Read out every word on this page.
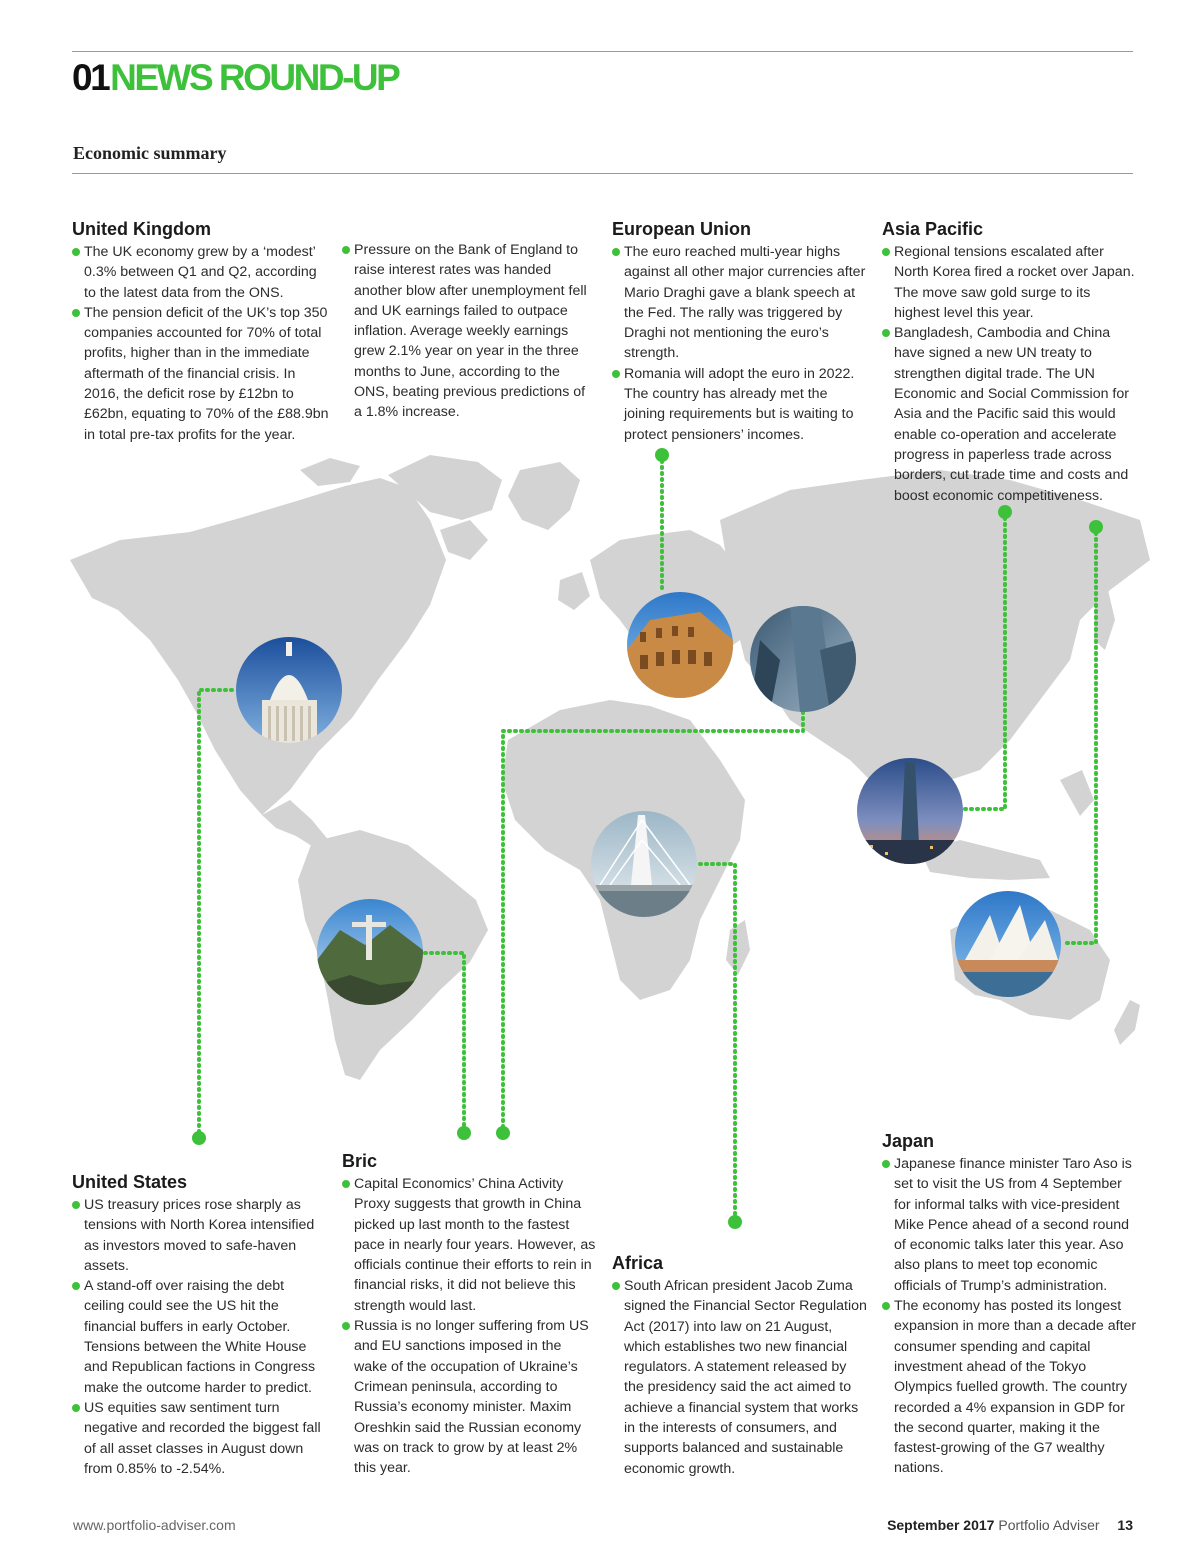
01NEWS ROUND-UP
Economic summary
United Kingdom
The UK economy grew by a ‘modest’ 0.3% between Q1 and Q2, according to the latest data from the ONS.
The pension deficit of the UK’s top 350 companies accounted for 70% of total profits, higher than in the immediate aftermath of the financial crisis. In 2016, the deficit rose by £12bn to £62bn, equating to 70% of the £88.9bn in total pre-tax profits for the year.
Pressure on the Bank of England to raise interest rates was handed another blow after unemployment fell and UK earnings failed to outpace inflation. Average weekly earnings grew 2.1% year on year in the three months to June, according to the ONS, beating previous predictions of a 1.8% increase.
European Union
The euro reached multi-year highs against all other major currencies after Mario Draghi gave a blank speech at the Fed. The rally was triggered by Draghi not mentioning the euro’s strength.
Romania will adopt the euro in 2022. The country has already met the joining requirements but is waiting to protect pensioners’ incomes.
Asia Pacific
Regional tensions escalated after North Korea fired a rocket over Japan. The move saw gold surge to its highest level this year.
Bangladesh, Cambodia and China have signed a new UN treaty to strengthen digital trade. The UN Economic and Social Commission for Asia and the Pacific said this would enable co-operation and accelerate progress in paperless trade across borders, cut trade time and costs and boost economic competitiveness.
United States
US treasury prices rose sharply as tensions with North Korea intensified as investors moved to safe-haven assets.
A stand-off over raising the debt ceiling could see the US hit the financial buffers in early October. Tensions between the White House and Republican factions in Congress make the outcome harder to predict.
US equities saw sentiment turn negative and recorded the biggest fall of all asset classes in August down from 0.85% to -2.54%.
Bric
Capital Economics’ China Activity Proxy suggests that growth in China picked up last month to the fastest pace in nearly four years. However, as officials continue their efforts to rein in financial risks, it did not believe this strength would last.
Russia is no longer suffering from US and EU sanctions imposed in the wake of the occupation of Ukraine’s Crimean peninsula, according to Russia’s economy minister. Maxim Oreshkin said the Russian economy was on track to grow by at least 2% this year.
Africa
South African president Jacob Zuma signed the Financial Sector Regulation Act (2017) into law on 21 August, which establishes two new financial regulators. A statement released by the presidency said the act aimed to achieve a financial system that works in the interests of consumers, and supports balanced and sustainable economic growth.
Japan
Japanese finance minister Taro Aso is set to visit the US from 4 September for informal talks with vice-president Mike Pence ahead of a second round of economic talks later this year. Aso also plans to meet top economic officials of Trump’s administration.
The economy has posted its longest expansion in more than a decade after consumer spending and capital investment ahead of the Tokyo Olympics fuelled growth. The country recorded a 4% expansion in GDP for the second quarter, making it the fastest-growing of the G7 wealthy nations.
www.portfolio-adviser.com	September 2017 Portfolio Adviser 13
